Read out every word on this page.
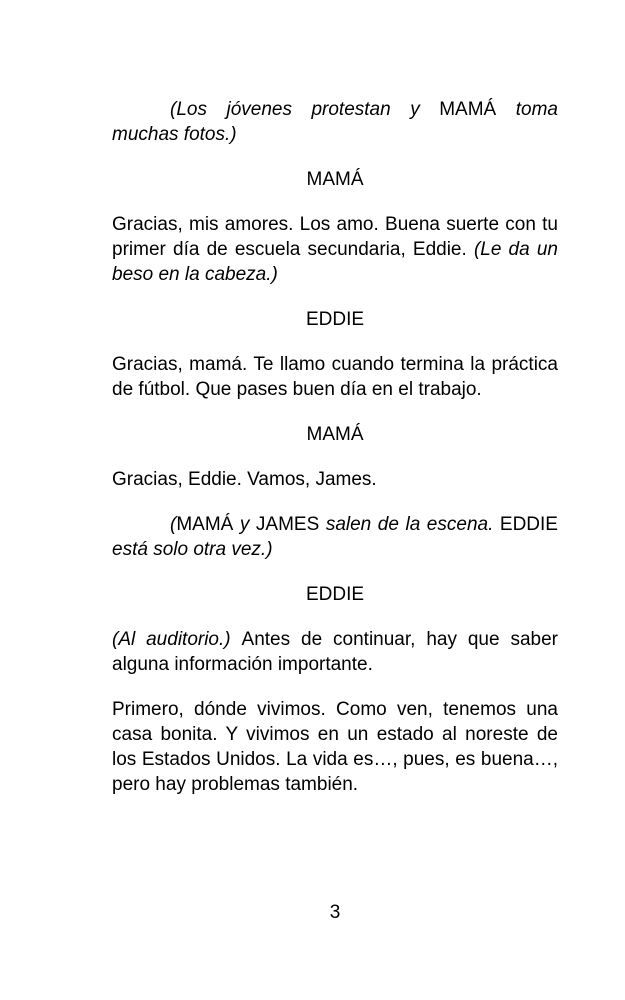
(Los jóvenes protestan y MAMÁ toma muchas fotos.)

MAMÁ

Gracias, mis amores. Los amo. Buena suerte con tu primer día de escuela secundaria, Eddie. (Le da un beso en la cabeza.)

EDDIE

Gracias, mamá. Te llamo cuando termina la práctica de fútbol. Que pases buen día en el trabajo.

MAMÁ

Gracias, Eddie. Vamos, James.

(MAMÁ y JAMES salen de la escena. EDDIE está solo otra vez.)

EDDIE

(Al auditorio.) Antes de continuar, hay que saber alguna información importante.

Primero, dónde vivimos. Como ven, tenemos una casa bonita. Y vivimos en un estado al noreste de los Estados Unidos. La vida es…, pues, es buena…, pero hay problemas también.

3
